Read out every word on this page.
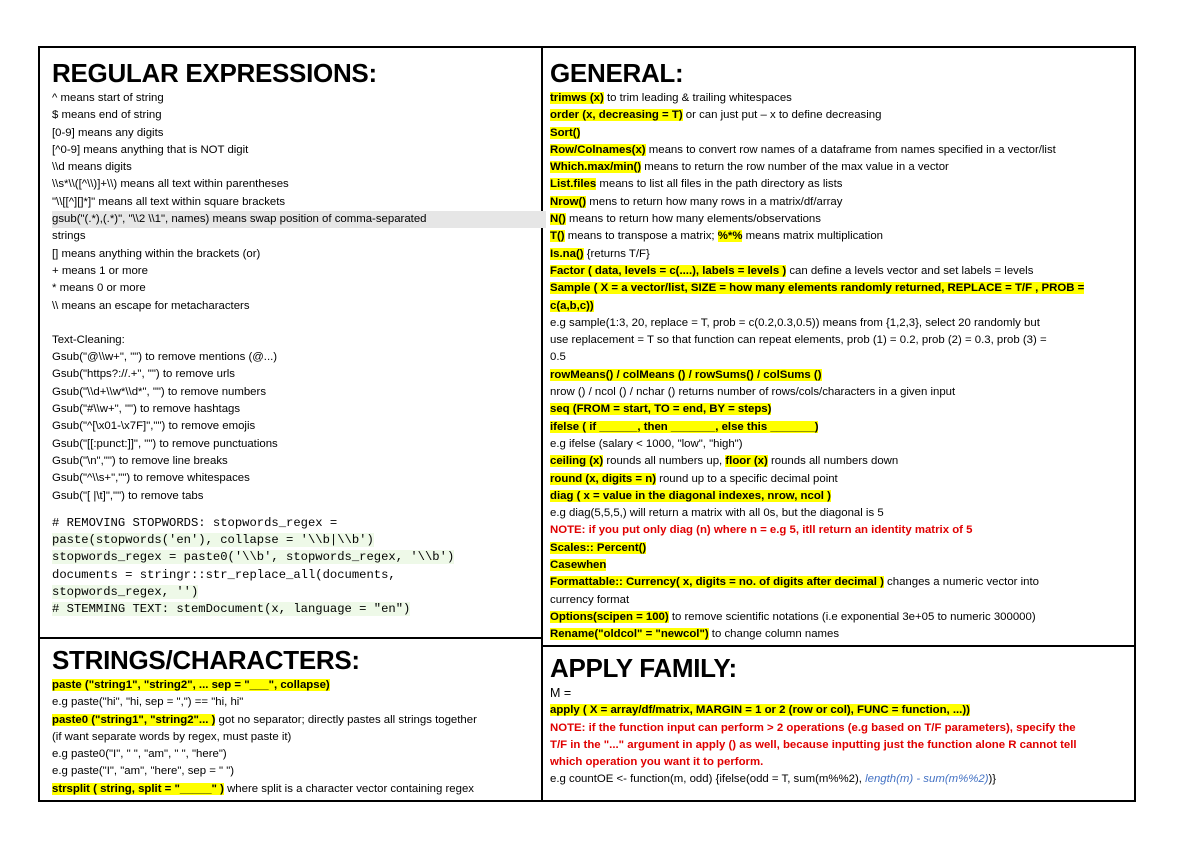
REGULAR EXPRESSIONS:
^ means start of string
$ means end of string
[0-9] means any digits
[^0-9] means anything that is NOT digit
\\d means digits
\\s*\\([^\\)]+\\) means all text within parentheses
"\\[[^][]*]" means all text within square brackets
gsub("(.*),(.*)", "\\2 \\1", names) means swap position of comma-separated
strings
[] means anything within the brackets (or)
+ means 1 or more
* means 0 or more
\\ means an escape for metacharacters
Text-Cleaning:
Gsub("@\\w+", "") to remove mentions (@...)
Gsub("https?://.+", "") to remove urls
Gsub("\\d+\\w*\\d*", "") to remove numbers
Gsub("#\\w+", "") to remove hashtags
Gsub("^[\x01-\x7F]","") to remove emojis
Gsub("[[:punct:]]", "") to remove punctuations
Gsub("\n","") to remove line breaks
Gsub("^\\s+","") to remove whitespaces
Gsub("[ |\t]","") to remove tabs
# REMOVING STOPWORDS: stopwords_regex =
paste(stopwords('en'), collapse = '\\b|\\b')
stopwords_regex = paste0('\\b', stopwords_regex, '\\b')
documents = stringr::str_replace_all(documents,
stopwords_regex, '')
# STEMMING TEXT: stemDocument(x, language = "en")
STRINGS/CHARACTERS:
paste ("string1", "string2", ... sep = "___", collapse)
e.g paste("hi", "hi, sep = ",") == "hi, hi"
paste0 ("string1", "string2"... ) got no separator; directly pastes all strings together
(if want separate words by regex, must paste it)
e.g paste0("I", " ", "am", " ", "here")
e.g paste("I", "am", "here", sep = " ")
strsplit ( string, split = "_____" ) where split is a character vector containing regex
GENERAL:
trimws (x) to trim leading & trailing whitespaces
order (x, decreasing = T) or can just put – x to define decreasing
Sort()
Row/Colnames(x) means to convert row names of a dataframe from names specified in a vector/list
Which.max/min() means to return the row number of the max value in a vector
List.files means to list all files in the path directory as lists
Nrow() mens to return how many rows in a matrix/df/array
N() means to return how many elements/observations
T() means to transpose a matrix; %*% means matrix multiplication
Is.na() {returns T/F}
Factor ( data, levels = c(....), labels = levels ) can define a levels vector and set labels = levels
Sample ( X = a vector/list, SIZE = how many elements randomly returned, REPLACE = T/F , PROB =
c(a,b,c))
e.g sample(1:3, 20, replace = T, prob = c(0.2,0.3,0.5)) means from {1,2,3}, select 20 randomly but
use replacement = T so that function can repeat elements, prob (1) = 0.2, prob (2) = 0.3, prob (3) =
0.5
rowMeans() / colMeans () / rowSums() / colSums ()
nrow () / ncol () / nchar () returns number of rows/cols/characters in a given input
seq (FROM = start, TO = end, BY = steps)
ifelse ( if ______, then _______, else this _______)
e.g ifelse (salary < 1000, "low", "high")
ceiling (x) rounds all numbers up, floor (x) rounds all numbers down
round (x, digits = n) round up to a specific decimal point
diag ( x = value in the diagonal indexes, nrow, ncol )
e.g diag(5,5,5,) will return a matrix with all 0s, but the diagonal is 5
NOTE: if you put only diag (n) where n = e.g 5, itll return an identity matrix of 5
Scales:: Percent()
Casewhen
Formattable:: Currency( x, digits = no. of digits after decimal ) changes a numeric vector into
currency format
Options(scipen = 100) to remove scientific notations (i.e exponential 3e+05 to numeric 300000)
Rename("oldcol" = "newcol") to change column names
APPLY FAMILY:
M =
apply ( X = array/df/matrix, MARGIN = 1 or 2 (row or col), FUNC = function, ...))
NOTE: if the function input can perform > 2 operations (e.g based on T/F parameters), specify the
T/F in the "..." argument in apply () as well, because inputting just the function alone R cannot tell
which operation you want it to perform.
e.g countOE <- function(m, odd) {ifelse(odd = T, sum(m%%2), length(m) - sum(m%%2))}
